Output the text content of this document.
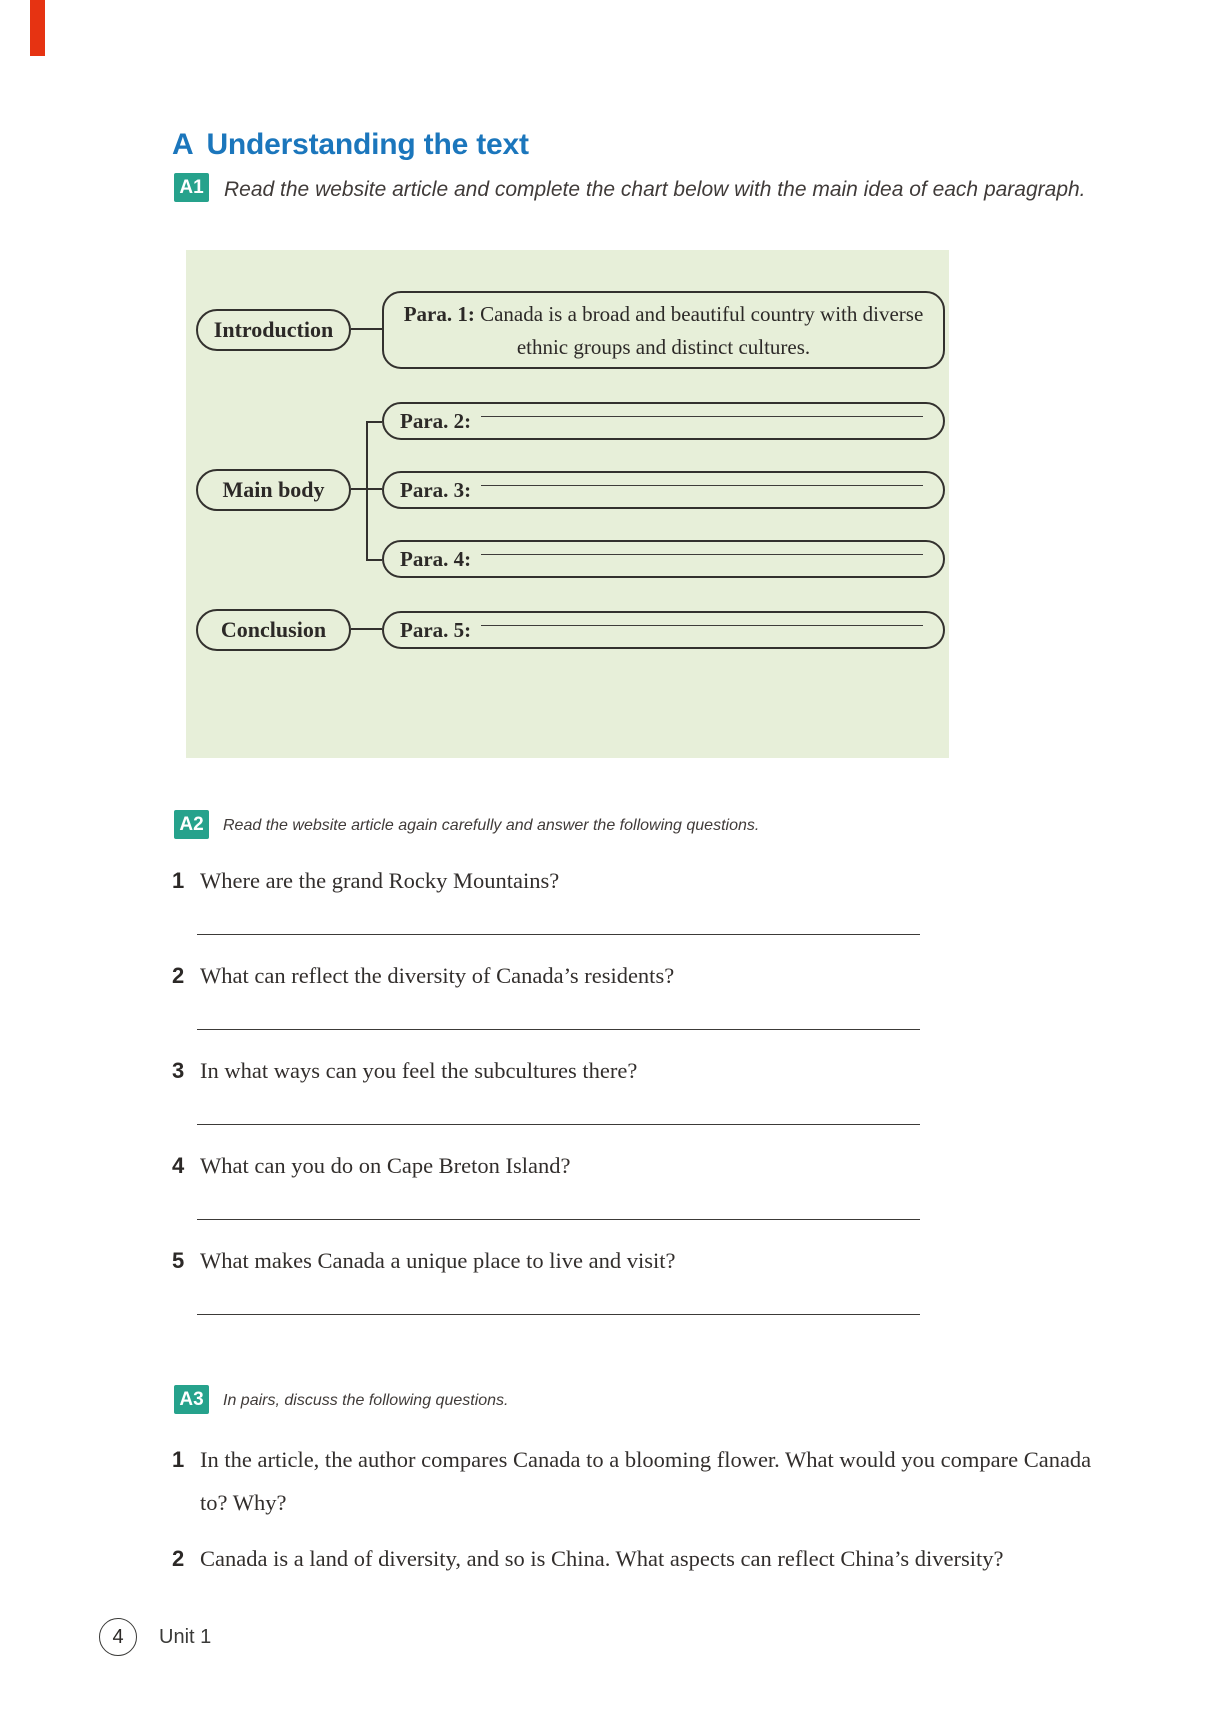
A Understanding the text
A1 Read the website article and complete the chart below with the main idea of each paragraph.
Introduction
Main body
Conclusion
Para. 1: Canada is a broad and beautiful country with diverse ethnic groups and distinct cultures.
Para. 2:
Para. 3:
Para. 4:
Para. 5:
A2	Read the website article again carefully and answer the following questions.
1 Where are the grand Rocky Mountains?
2 What can reflect the diversity of Canada’s residents?
3 In what ways can you feel the subcultures there?
4 What can you do on Cape Breton Island?
5 What makes Canada a unique place to live and visit?
A3	In pairs, discuss the following questions.
1 In the article, the author compares Canada to a blooming flower. What would you compare Canada to? Why?
2 Canada is a land of diversity, and so is China. What aspects can reflect China’s diversity?
4 Unit 1
